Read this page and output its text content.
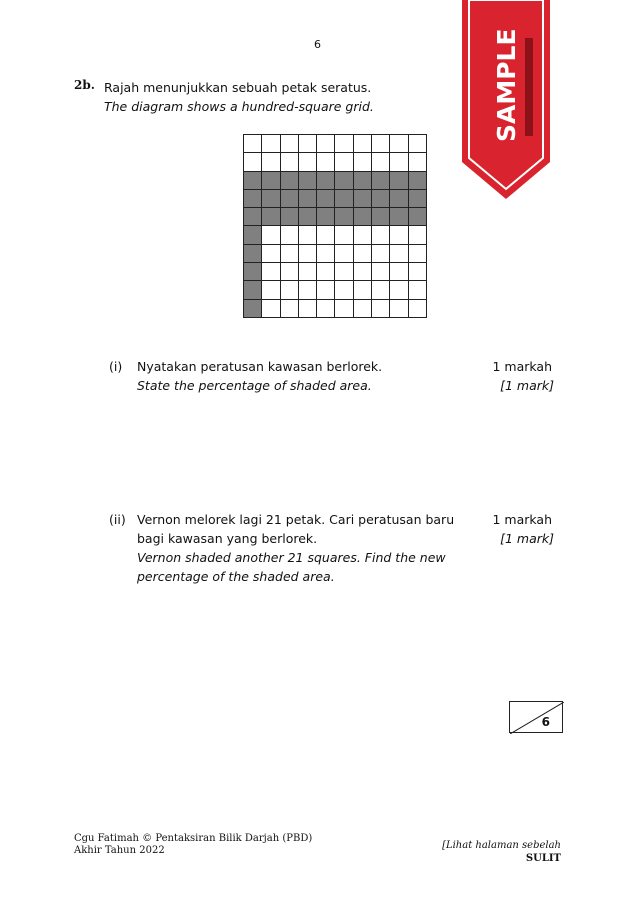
6
2b. Rajah menunjukkan sebuah petak seratus.
The diagram shows a hundred-square grid.
(i) Nyatakan peratusan kawasan berlorek.
State the percentage of shaded area.
1 markah
[1 mark]
(ii) Vernon melorek lagi 21 petak. Cari peratusan baru
bagi kawasan yang berlorek.
Vernon shaded another 21 squares. Find the new
percentage of the shaded area.
1 markah
[1 mark]
6
Cgu Fatimah © Pentaksiran Bilik Darjah (PBD)
Akhir Tahun 2022	[Lihat halaman sebelah
SULIT
SAMPLE
